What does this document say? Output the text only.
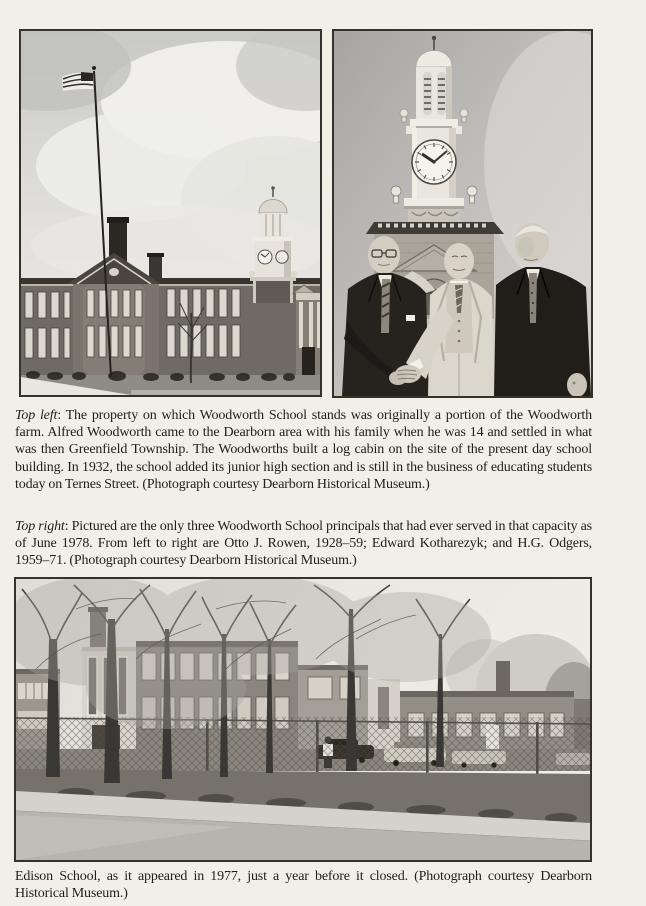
Top left: The property on which Woodworth School stands was originally a portion of the Woodworth farm. Alfred Woodworth came to the Dearborn area with his family when he was 14 and settled in what was then Greenfield Township. The Woodworths built a log cabin on the site of the present day school building. In 1932, the school added its junior high section and is still in the business of educating students today on Ternes Street. (Photograph courtesy Dearborn Historical Museum.)

Top right: Pictured are the only three Woodworth School principals that had ever served in that capacity as of June 1978. From left to right are Otto J. Rowen, 1928–59; Edward Kotharezyk; and H.G. Odgers, 1959–71. (Photograph courtesy Dearborn Historical Museum.)

Edison School, as it appeared in 1977, just a year before it closed. (Photograph courtesy Dearborn Historical Museum.)
